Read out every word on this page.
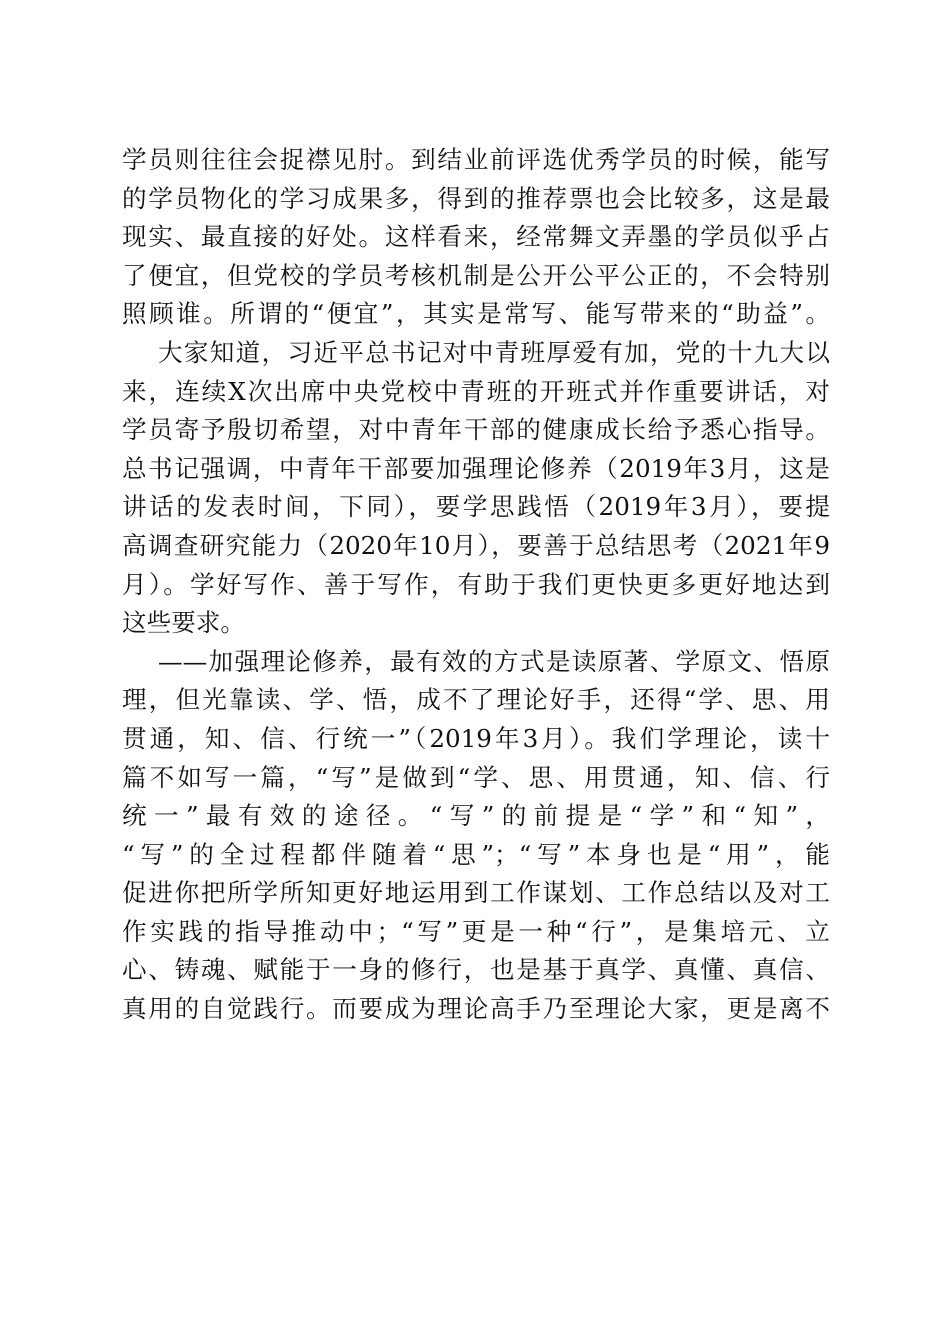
学员则往往会捉襟见肘。到结业前评选优秀学员的时候，能写
的学员物化的学习成果多，得到的推荐票也会比较多，这是最
现实、最直接的好处。这样看来，经常舞文弄墨的学员似乎占
了便宜，但党校的学员考核机制是公开公平公正的，不会特别
照顾谁。所谓的“便宜”，其实是常写、能写带来的“助益”。
大家知道，习近平总书记对中青班厚爱有加，党的十九大以
来，连续X次出席中央党校中青班的开班式并作重要讲话，对
学员寄予殷切希望，对中青年干部的健康成长给予悉心指导。
总书记强调，中青年干部要加强理论修养（2019年3月，这是
讲话的发表时间，下同），要学思践悟（2019年3月），要提
高调查研究能力（2020年10月），要善于总结思考（2021年9
月）。学好写作、善于写作，有助于我们更快更多更好地达到
这些要求。
——加强理论修养，最有效的方式是读原著、学原文、悟原
理，但光靠读、学、悟，成不了理论好手，还得“学、思、用
贯通，知、信、行统一”（2019年3月）。我们学理论，读十
篇不如写一篇，“写”是做到“学、思、用贯通，知、信、行
统一”最有效的途径。“写”的前提是“学”和“知”，
“写”的全过程都伴随着“思”；“写”本身也是“用”，能
促进你把所学所知更好地运用到工作谋划、工作总结以及对工
作实践的指导推动中；“写”更是一种“行”，是集培元、立
心、铸魂、赋能于一身的修行，也是基于真学、真懂、真信、
真用的自觉践行。而要成为理论高手乃至理论大家，更是离不
